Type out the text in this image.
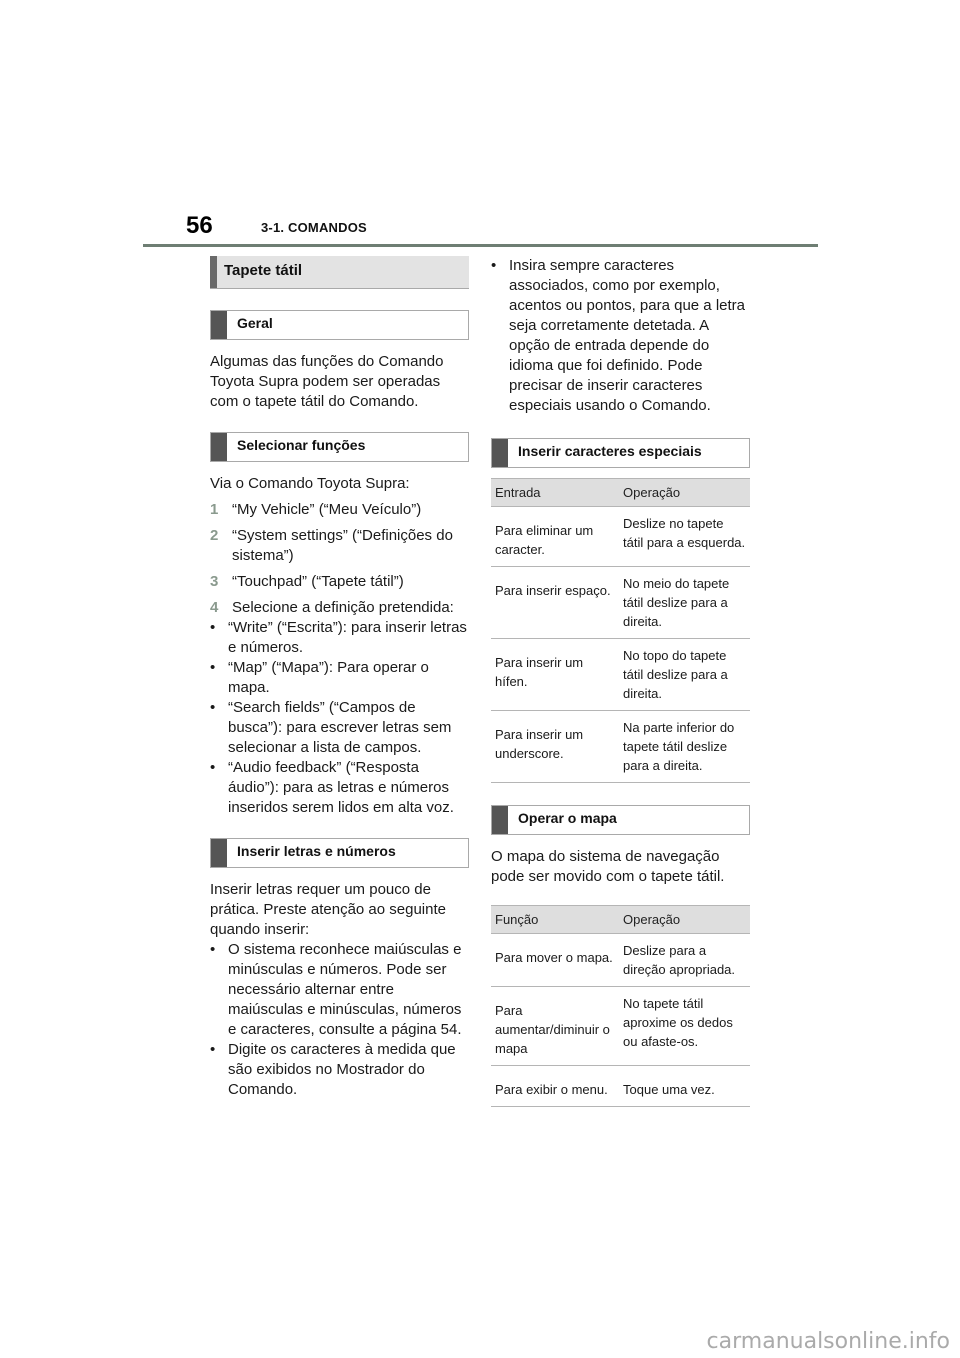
56	3-1. COMANDOS
Tapete tátil
Geral

Algumas das funções do Comando Toyota Supra podem ser operadas com o tapete tátil do Comando.

Selecionar funções

Via o Comando Toyota Supra:

1 “My Vehicle” (“Meu Veículo”)
2 “System settings” (“Definições do sistema”)
3 “Touchpad” (“Tapete tátil”)
4 Selecione a definição pretendida:
• “Write” (“Escrita”): para inserir letras e números.
• “Map” (“Mapa”): Para operar o mapa.
• “Search fields” (“Campos de busca”): para escrever letras sem selecionar a lista de campos.
• “Audio feedback” (“Resposta áudio”): para as letras e números inseridos serem lidos em alta voz.
Inserir letras e números

Inserir letras requer um pouco de prática. Preste atenção ao seguinte quando inserir:

• O sistema reconhece maiúsculas e minúsculas e números. Pode ser necessário alternar entre maiúsculas e minúsculas, números e caracteres, consulte a página 54.
• Digite os caracteres à medida que são exibidos no Mostrador do Comando.
• Insira sempre caracteres associados, como por exemplo, acentos ou pontos, para que a letra seja corretamente detetada. A opção de entrada depende do idioma que foi definido. Pode precisar de inserir caracteres especiais usando o Comando.
Inserir caracteres especiais
Entrada	Operação
Para eliminar um caracter.	Deslize no tapete tátil para a esquerda.
Para inserir espaço.	No meio do tapete tátil deslize para a direita.
Para inserir um hífen.	No topo do tapete tátil deslize para a direita.
Para inserir um underscore.	Na parte inferior do tapete tátil deslize para a direita.
Operar o mapa

O mapa do sistema de navegação pode ser movido com o tapete tátil.

Função	Operação
Para mover o mapa.	Deslize para a direção apropriada.
Para aumentar/diminuir o mapa	No tapete tátil aproxime os dedos ou afaste-os.
Para exibir o menu.	Toque uma vez.
carmanualsonline.info
